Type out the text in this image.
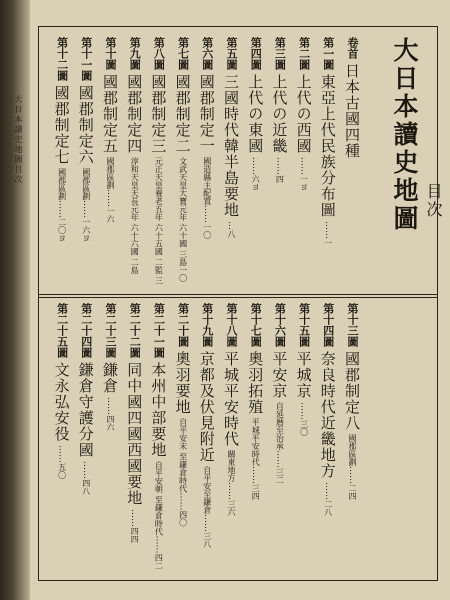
大日本讀史地圖目次	大日本讀史地圖 目次
卷首日本古國四種
第一圖東亞上代民族分布圖……一
第二圖上代の西國……一ヨ
第三圖上代の近畿……四
第四圖上代の東國……六ヨ
第五圖三國時代韓半島要地…八
第六圖國郡制定一國造縣主配置……一〇
第七圖國郡制定二文武天皇大寶元年 六十國 三島一〇
第八圖國郡制定三元正天皇養老五年 六十五國 二監 三
第九圖國郡制定四淳和天皇天長元年 六十六國 二島
第十圖國郡制定五國郡區劃……一六
第十一圖國郡制定六國郡區劃……一六ヨ
第十二圖國郡制定七國郡區劃……二〇ヨ
第十三圖國郡制定八國郡區劃……二四
第十四圖奈良時代近畿地方……二八
第十五圖平城京……三〇
第十六圖平安京自延暦至治承……三二
第十七圖奧羽拓殖平城平安時代……三四
第十八圖平城平安時代關東地方……三六
第十九圖京都及伏見附近自平安至鎌倉……三八
第二十圖奧羽要地自平安末 至鎌倉時代……四〇
第二十一圖本州中部要地自平安朝 至鎌倉時代……四二
第二十二圖同中國四國西國要地……四四
第二十三圖鎌倉……四六
第二十四圖鎌倉守護分國……四八
第二十五圖文永弘安役……五〇
